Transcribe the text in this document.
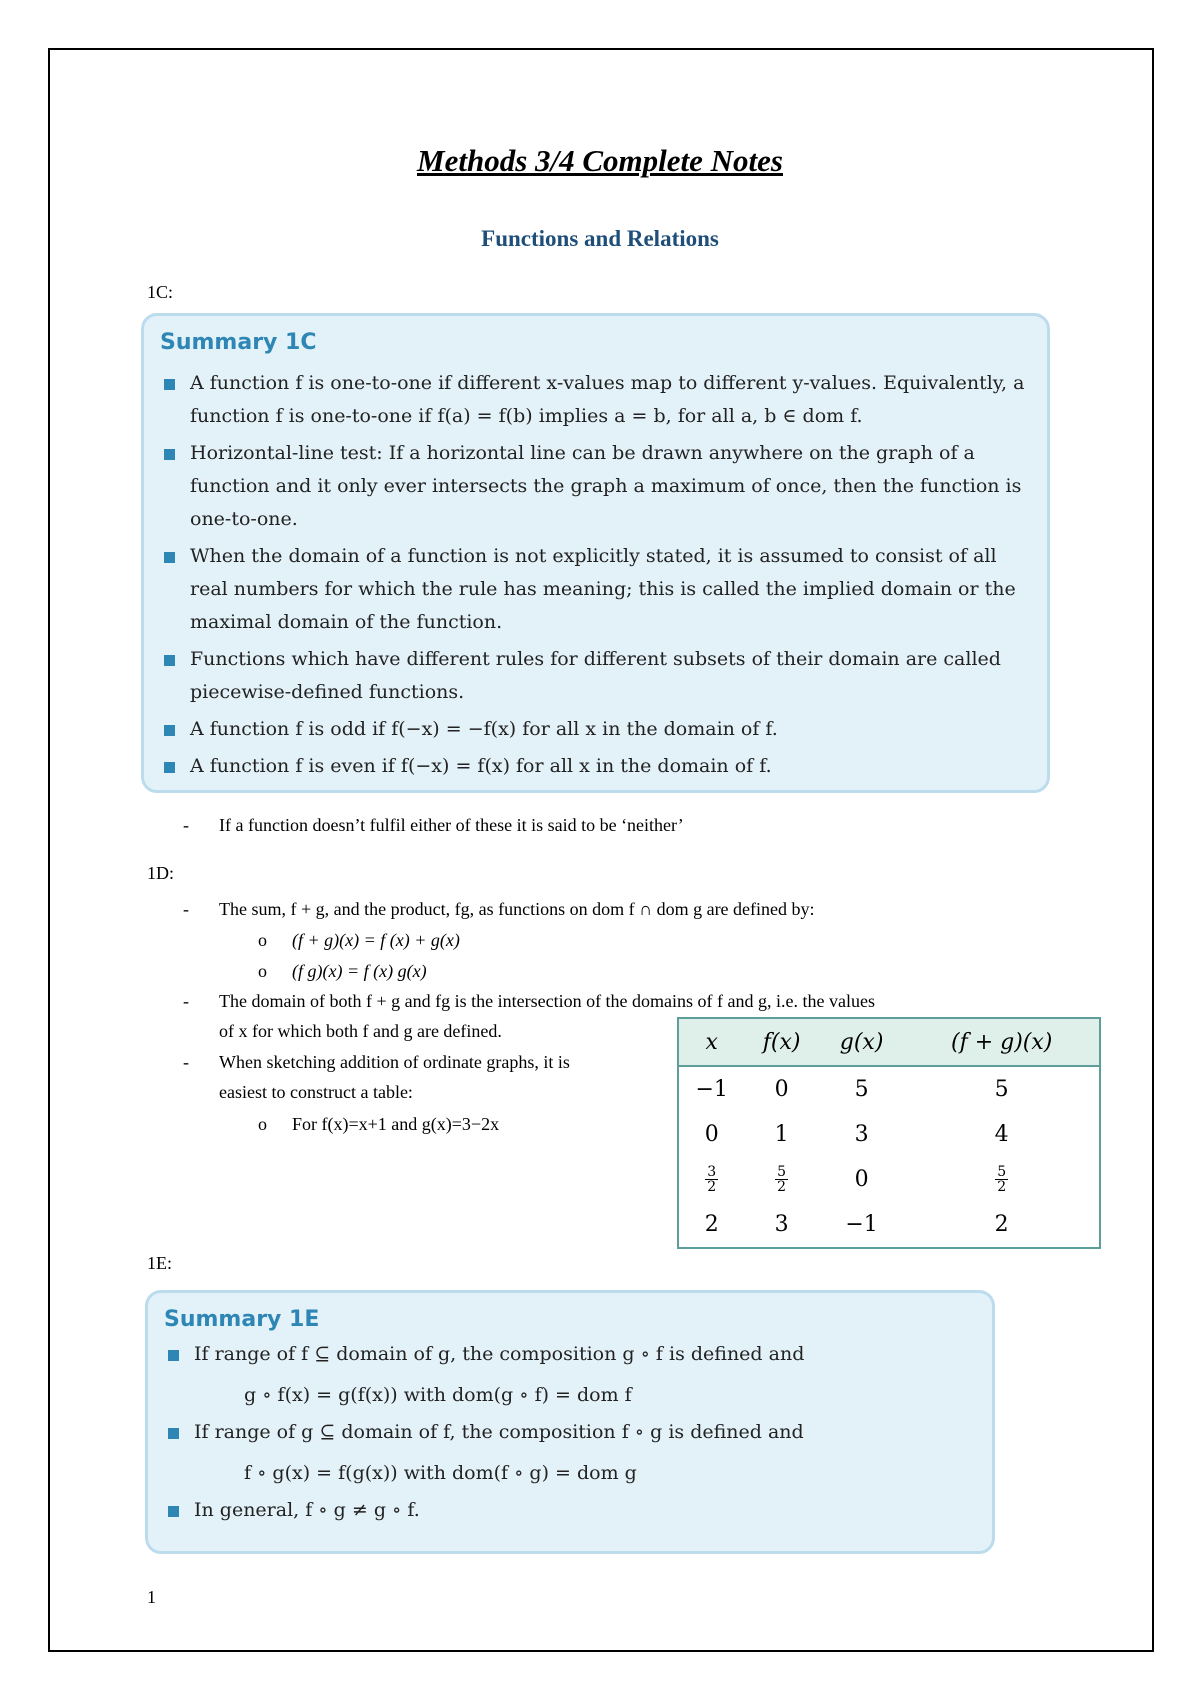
Methods 3/4 Complete Notes
Functions and Relations
1C:
Summary 1C
A function f is one-to-one if different x-values map to different y-values. Equivalently, a function f is one-to-one if f(a) = f(b) implies a = b, for all a, b ∈ dom f.
Horizontal-line test: If a horizontal line can be drawn anywhere on the graph of a function and it only ever intersects the graph a maximum of once, then the function is one-to-one.
When the domain of a function is not explicitly stated, it is assumed to consist of all real numbers for which the rule has meaning; this is called the implied domain or the maximal domain of the function.
Functions which have different rules for different subsets of their domain are called piecewise-defined functions.
A function f is odd if f(−x) = −f(x) for all x in the domain of f.
A function f is even if f(−x) = f(x) for all x in the domain of f.
- If a function doesn’t fulfil either of these it is said to be ‘neither’
1D:
- The sum, f + g, and the product, fg, as functions on dom f ∩ dom g are defined by:
o (f + g)(x) = f (x) + g(x)
o (f g)(x) = f (x) g(x)
- The domain of both f + g and fg is the intersection of the domains of f and g, i.e. the values
of x for which both f and g are defined.
- When sketching addition of ordinate graphs, it is
easiest to construct a table:
o For f(x)=x+1 and g(x)=3−2x
x	f(x)	g(x)	(f + g)(x)
−1	0	5	5
0	1	3	4

$\frac{3}{2}$	$\frac{5}{2}$	0	$\frac{5}{2}$

2	3	−1	2
1E:
Summary 1E
If range of f ⊆ domain of g, the composition g ∘ f is defined and
g ∘ f(x) = g(f(x)) with dom(g ∘ f) = dom f
If range of g ⊆ domain of f, the composition f ∘ g is defined and
f ∘ g(x) = f(g(x)) with dom(f ∘ g) = dom g
In general, f ∘ g ≠ g ∘ f.
1
